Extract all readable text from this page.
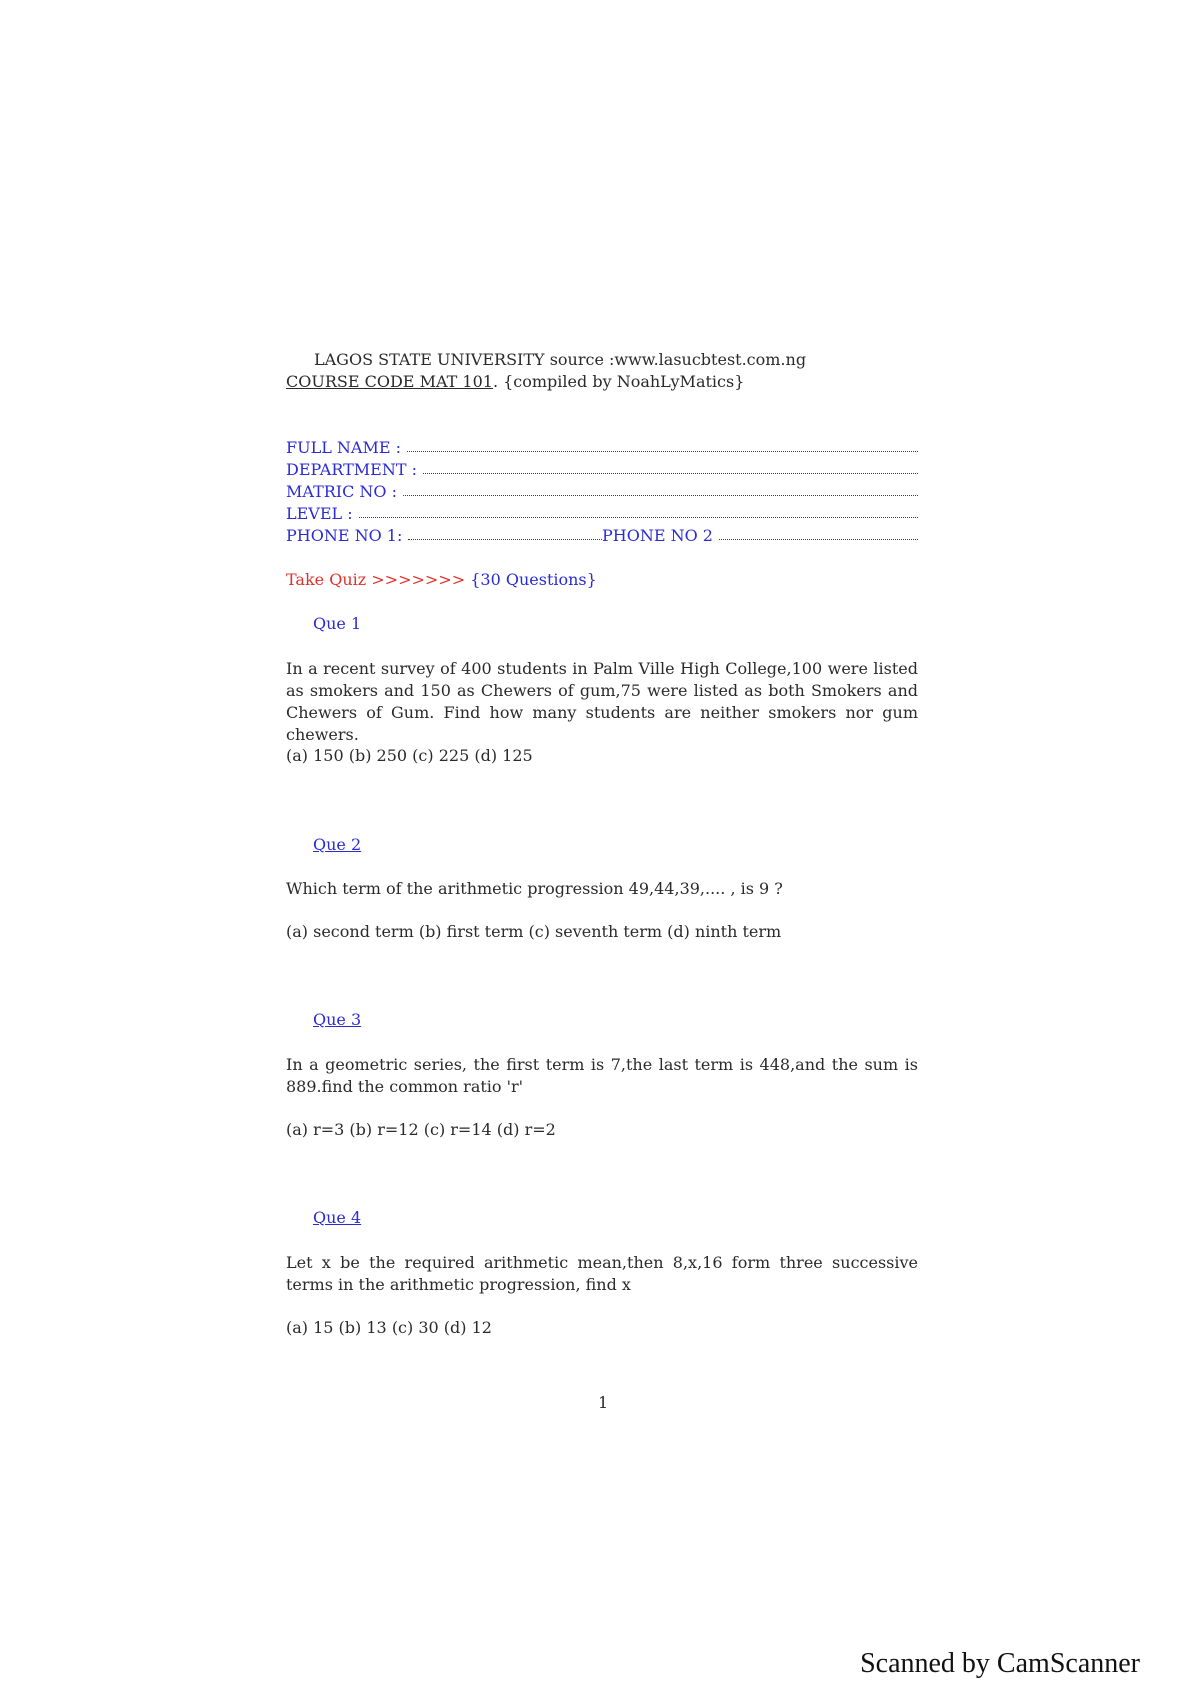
LAGOS STATE UNIVERSITY source :www.lasucbtest.com.ng
COURSE CODE MAT 101. {compiled by NoahLyMatics}
FULL NAME :
DEPARTMENT :
MATRIC NO :
LEVEL :
PHONE NO 1:	PHONE NO 2
Take Quiz >>>>>>> {30 Questions}
Que 1
In a recent survey of 400 students in Palm Ville High College,100 were listed as smokers and 150 as Chewers of gum,75 were listed as both Smokers and Chewers of Gum. Find how many students are neither smokers nor gum chewers.
(a) 150 (b) 250 (c) 225 (d) 125
Que 2
Which term of the arithmetic progression 49,44,39,.... , is 9 ?
(a) second term (b) first term (c) seventh term (d) ninth term
Que 3
In a geometric series, the first term is 7,the last term is 448,and the sum is 889.find the common ratio 'r'
(a) r=3 (b) r=12 (c) r=14 (d) r=2
Que 4
Let x be the required arithmetic mean,then 8,x,16 form three successive terms in the arithmetic progression, find x
(a) 15 (b) 13 (c) 30 (d) 12
1
Scanned by CamScanner
